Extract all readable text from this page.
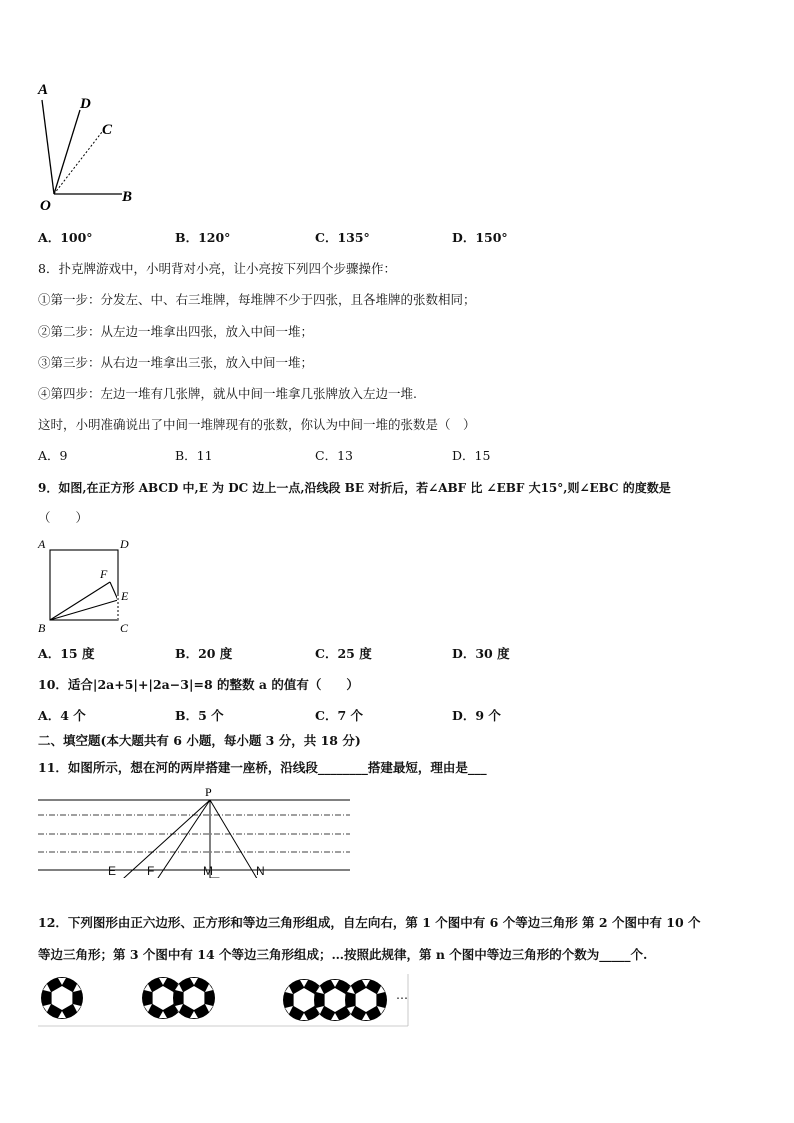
A
D
C
O
B
A．100°	B．120°	C．135°	D．150°
8．扑克牌游戏中，小明背对小亮，让小亮按下列四个步骤操作：
①第一步：分发左、中、右三堆牌，每堆牌不少于四张，且各堆牌的张数相同；
②第二步：从左边一堆拿出四张，放入中间一堆；
③第三步：从右边一堆拿出三张，放入中间一堆；
④第四步：左边一堆有几张牌，就从中间一堆拿几张牌放入左边一堆.
这时，小明准确说出了中间一堆牌现有的张数，你认为中间一堆的张数是（　）
A．9	B．11	C．13	D．15
9．如图,在正方形 ABCD 中,E 为 DC 边上一点,沿线段 BE 对折后，若∠ABF 比 ∠EBF 大15°,则∠EBC 的度数是
（　　）
A	D
F
E
B	C
A．15 度	B．20 度	C．25 度	D．30 度
10．适合|2a+5|+|2a−3|=8 的整数 a 的值有（　　）
A．4 个	B．5 个	C．7 个	D．9 个
二、填空题(本大题共有 6 小题，每小题 3 分，共 18 分)
11．如图所示，想在河的两岸搭建一座桥，沿线段________搭建最短，理由是___
P
E	F	M	N
12．下列图形由正六边形、正方形和等边三角形组成，自左向右，第 1 个图中有 6 个等边三角形 第 2 个图中有 10 个
等边三角形；第 3 个图中有 14 个等边三角形组成；…按照此规律，第 n 个图中等边三角形的个数为_____个.
…
